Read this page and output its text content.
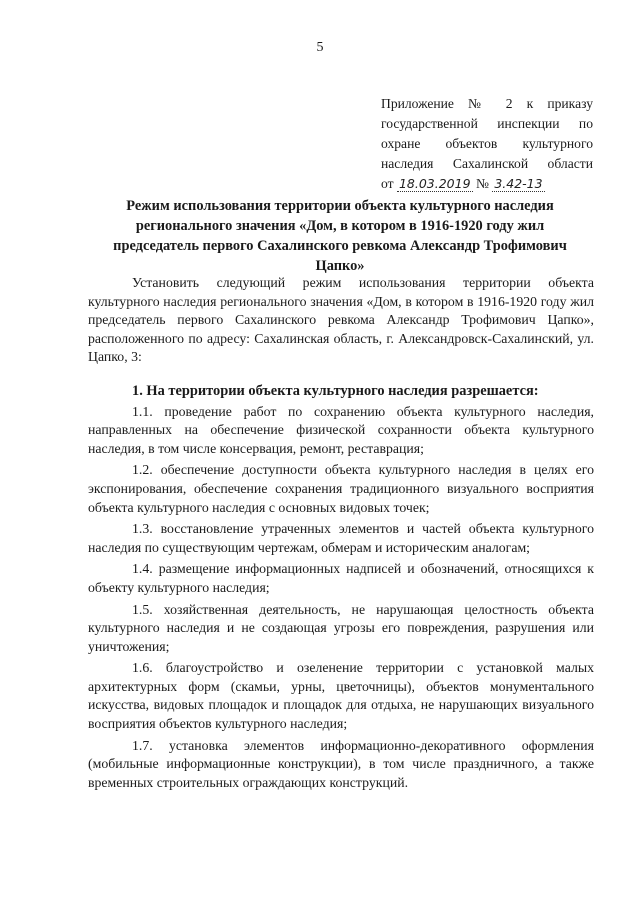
5
Приложение № 2 к приказу
государственной инспекции по
охране объектов культурного
наследия Сахалинской области
от 18.03.2019 № 3.42-13
Режим использования территории объекта культурного наследия
регионального значения «Дом, в котором в 1916-1920 году жил
председатель первого Сахалинского ревкома Александр Трофимович
Цапко»

Установить следующий режим использования территории объекта культурного наследия регионального значения «Дом, в котором в 1916-1920 году жил председатель первого Сахалинского ревкома Александр Трофимович Цапко», расположенного по адресу: Сахалинская область, г. Александровск-Сахалинский, ул. Цапко, 3:

1. На территории объекта культурного наследия разрешается:

1.1. проведение работ по сохранению объекта культурного наследия, направленных на обеспечение физической сохранности объекта культурного наследия, в том числе консервация, ремонт, реставрация;

1.2. обеспечение доступности объекта культурного наследия в целях его экспонирования, обеспечение сохранения традиционного визуального восприятия объекта культурного наследия с основных видовых точек;

1.3. восстановление утраченных элементов и частей объекта культурного наследия по существующим чертежам, обмерам и историческим аналогам;

1.4. размещение информационных надписей и обозначений, относящихся к объекту культурного наследия;

1.5. хозяйственная деятельность, не нарушающая целостность объекта культурного наследия и не создающая угрозы его повреждения, разрушения или уничтожения;

1.6. благоустройство и озеленение территории с установкой малых архитектурных форм (скамьи, урны, цветочницы), объектов монументального искусства, видовых площадок и площадок для отдыха, не нарушающих визуального восприятия объектов культурного наследия;

1.7. установка элементов информационно-декоративного оформления (мобильные информационные конструкции), в том числе праздничного, а также временных строительных ограждающих конструкций.
